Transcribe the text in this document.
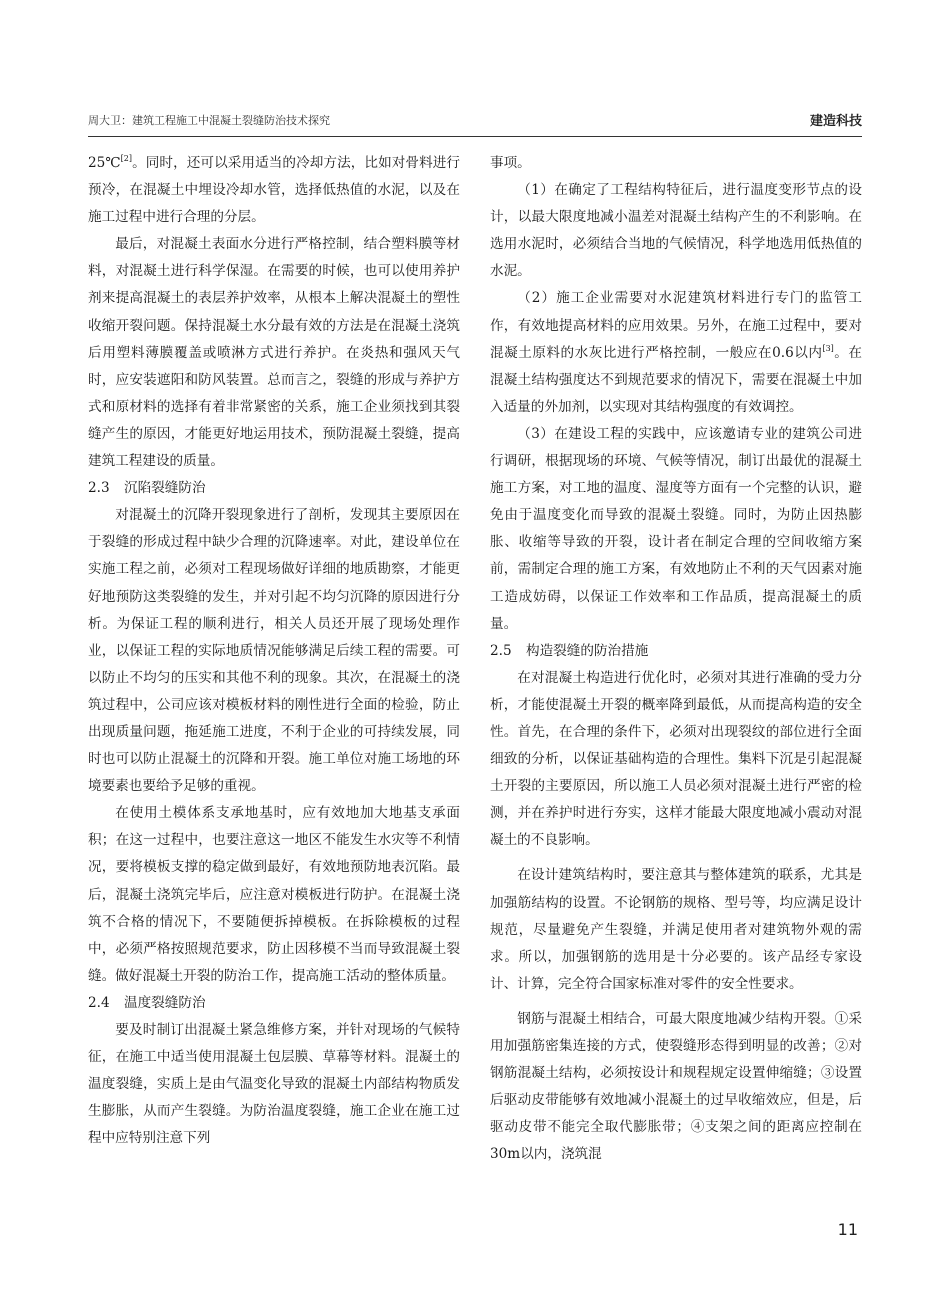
周大卫：建筑工程施工中混凝土裂缝防治技术探究	建造科技

25℃[2]。同时，还可以采用适当的冷却方法，比如对骨料进行预冷，在混凝土中埋设冷却水管，选择低热值的水泥，以及在施工过程中进行合理的分层。

最后，对混凝土表面水分进行严格控制，结合塑料膜等材料，对混凝土进行科学保湿。在需要的时候，也可以使用养护剂来提高混凝土的表层养护效率，从根本上解决混凝土的塑性收缩开裂问题。保持混凝土水分最有效的方法是在混凝土浇筑后用塑料薄膜覆盖或喷淋方式进行养护。在炎热和强风天气时，应安装遮阳和防风装置。总而言之，裂缝的形成与养护方式和原材料的选择有着非常紧密的关系，施工企业须找到其裂缝产生的原因，才能更好地运用技术，预防混凝土裂缝，提高建筑工程建设的质量。

2.3 沉陷裂缝防治

对混凝土的沉降开裂现象进行了剖析，发现其主要原因在于裂缝的形成过程中缺少合理的沉降速率。对此，建设单位在实施工程之前，必须对工程现场做好详细的地质勘察，才能更好地预防这类裂缝的发生，并对引起不均匀沉降的原因进行分析。为保证工程的顺利进行，相关人员还开展了现场处理作业，以保证工程的实际地质情况能够满足后续工程的需要。可以防止不均匀的压实和其他不利的现象。其次，在混凝土的浇筑过程中，公司应该对模板材料的刚性进行全面的检验，防止出现质量问题，拖延施工进度，不利于企业的可持续发展，同时也可以防止混凝土的沉降和开裂。施工单位对施工场地的环境要素也要给予足够的重视。

在使用土模体系支承地基时，应有效地加大地基支承面积；在这一过程中，也要注意这一地区不能发生水灾等不利情况，要将模板支撑的稳定做到最好，有效地预防地表沉陷。最后，混凝土浇筑完毕后，应注意对模板进行防护。在混凝土浇筑不合格的情况下，不要随便拆掉模板。在拆除模板的过程中，必须严格按照规范要求，防止因移模不当而导致混凝土裂缝。做好混凝土开裂的防治工作，提高施工活动的整体质量。

2.4 温度裂缝防治

要及时制订出混凝土紧急维修方案，并针对现场的气候特征，在施工中适当使用混凝土包层膜、草幕等材料。混凝土的温度裂缝，实质上是由气温变化导致的混凝土内部结构物质发生膨胀，从而产生裂缝。为防治温度裂缝，施工企业在施工过程中应特别注意下列

事项。

（1）在确定了工程结构特征后，进行温度变形节点的设计，以最大限度地减小温差对混凝土结构产生的不利影响。在选用水泥时，必须结合当地的气候情况，科学地选用低热值的水泥。

（2）施工企业需要对水泥建筑材料进行专门的监管工作，有效地提高材料的应用效果。另外，在施工过程中，要对混凝土原料的水灰比进行严格控制，一般应在0.6以内[3]。在混凝土结构强度达不到规范要求的情况下，需要在混凝土中加入适量的外加剂，以实现对其结构强度的有效调控。

（3）在建设工程的实践中，应该邀请专业的建筑公司进行调研，根据现场的环境、气候等情况，制订出最优的混凝土施工方案，对工地的温度、湿度等方面有一个完整的认识，避免由于温度变化而导致的混凝土裂缝。同时，为防止因热膨胀、收缩等导致的开裂，设计者在制定合理的空间收缩方案前，需制定合理的施工方案，有效地防止不利的天气因素对施工造成妨碍，以保证工作效率和工作品质，提高混凝土的质量。

2.5 构造裂缝的防治措施

在对混凝土构造进行优化时，必须对其进行准确的受力分析，才能使混凝土开裂的概率降到最低，从而提高构造的安全性。首先，在合理的条件下，必须对出现裂纹的部位进行全面细致的分析，以保证基础构造的合理性。集料下沉是引起混凝土开裂的主要原因，所以施工人员必须对混凝土进行严密的检测，并在养护时进行夯实，这样才能最大限度地减小震动对混凝土的不良影响。

在设计建筑结构时，要注意其与整体建筑的联系，尤其是加强筋结构的设置。不论钢筋的规格、型号等，均应满足设计规范，尽量避免产生裂缝，并满足使用者对建筑物外观的需求。所以，加强钢筋的选用是十分必要的。该产品经专家设计、计算，完全符合国家标准对零件的安全性要求。

钢筋与混凝土相结合，可最大限度地减少结构开裂。①采用加强筋密集连接的方式，使裂缝形态得到明显的改善；②对钢筋混凝土结构，必须按设计和规程规定设置伸缩缝；③设置后驱动皮带能够有效地减小混凝土的过早收缩效应，但是，后驱动皮带不能完全取代膨胀带；④支架之间的距离应控制在30m以内，浇筑混

11
